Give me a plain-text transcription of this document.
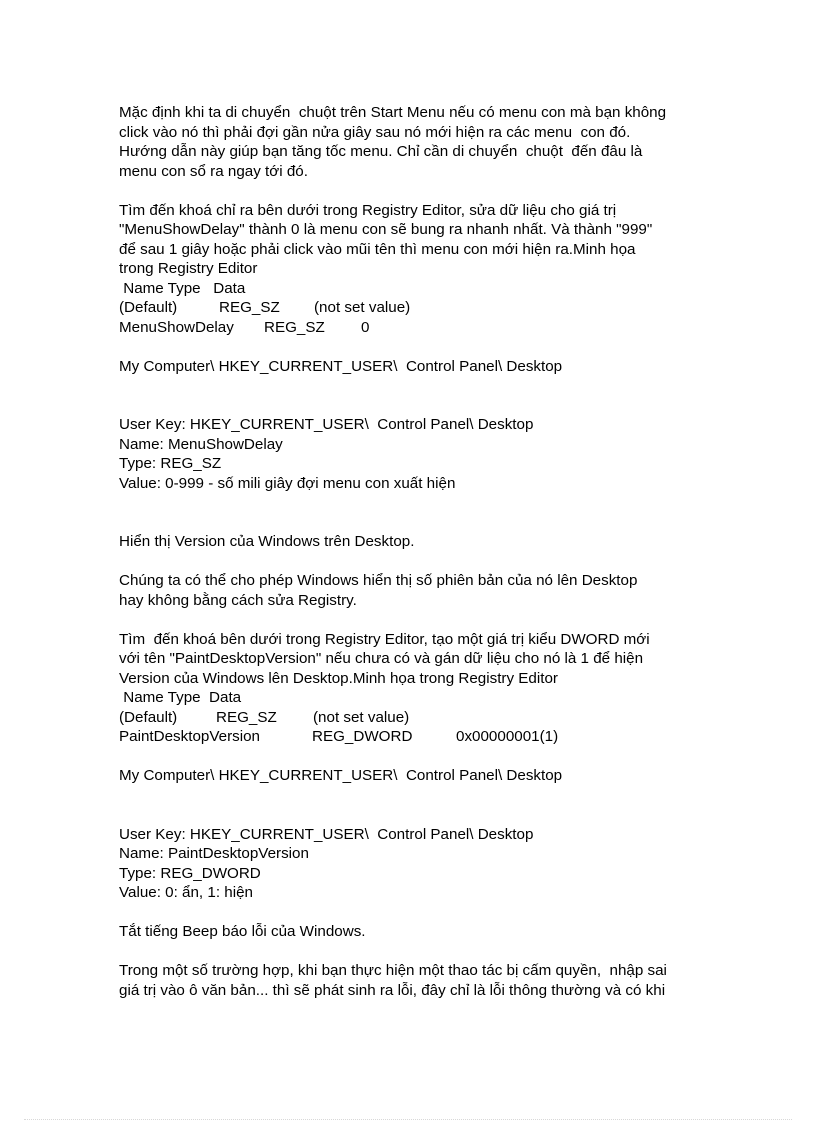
Mặc định khi ta di chuyển  chuột trên Start Menu nếu có menu con mà bạn không
click vào nó thì phải đợi gần nửa giây sau nó mới hiện ra các menu  con đó.
Hướng dẫn này giúp bạn tăng tốc menu. Chỉ cần di chuyển  chuột  đến đâu là
menu con sổ ra ngay tới đó.
Tìm đến khoá chỉ ra bên dưới trong Registry Editor, sửa dữ liệu cho giá trị
"MenuShowDelay" thành 0 là menu con sẽ bung ra nhanh nhất. Và thành "999"
để sau 1 giây hoặc phải click vào mũi tên thì menu con mới hiện ra.Minh họa
trong Registry Editor
Name Type   Data
(Default)	REG_SZ	(not set value)
MenuShowDelay	REG_SZ	0
My Computer\ HKEY_CURRENT_USER\  Control Panel\ Desktop
User Key: HKEY_CURRENT_USER\  Control Panel\ Desktop
Name: MenuShowDelay
Type: REG_SZ
Value: 0-999 - số mili giây đợi menu con xuất hiện
Hiển thị Version của Windows trên Desktop.
Chúng ta có thể cho phép Windows hiển thị số phiên bản của nó lên Desktop
hay không bằng cách sửa Registry.
Tìm  đến khoá bên dưới trong Registry Editor, tạo một giá trị kiểu DWORD mới
với tên "PaintDesktopVersion" nếu chưa có và gán dữ liệu cho nó là 1 để hiện
Version của Windows lên Desktop.Minh họa trong Registry Editor
Name Type  Data
(Default)	REG_SZ	(not set value)
PaintDesktopVersion	REG_DWORD	0x00000001(1)
My Computer\ HKEY_CURRENT_USER\  Control Panel\ Desktop
User Key: HKEY_CURRENT_USER\  Control Panel\ Desktop
Name: PaintDesktopVersion
Type: REG_DWORD
Value: 0: ẩn, 1: hiện
Tắt tiếng Beep báo lỗi của Windows.
Trong một số trường hợp, khi bạn thực hiện một thao tác bị cấm quyền,  nhập sai
giá trị vào ô văn bản... thì sẽ phát sinh ra lỗi, đây chỉ là lỗi thông thường và có khi
